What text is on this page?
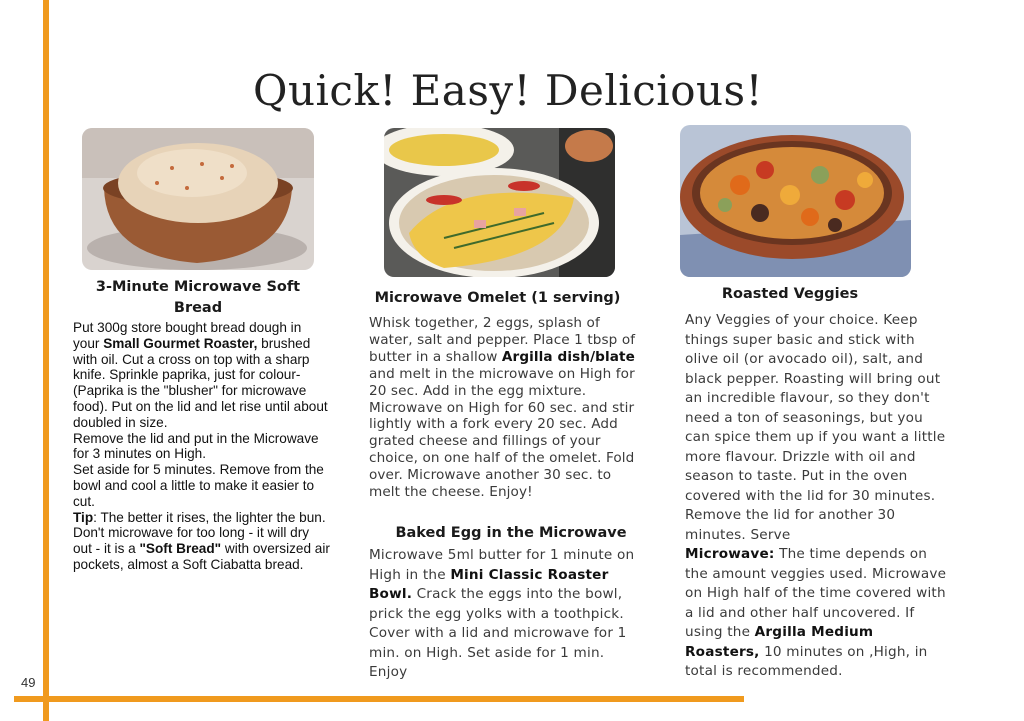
49
Quick! Easy! Delicious!
3-Minute Microwave Soft Bread

Put 300g store bought bread dough in your Small Gourmet Roaster, brushed with oil. Cut a cross on top with a sharp knife. Sprinkle paprika, just for colour- (Paprika is the "blusher" for microwave food). Put on the lid and let rise until about doubled in size.

Remove the lid and put in the Microwave for 3 minutes on High.

Set aside for 5 minutes. Remove from the bowl and cool a little to make it easier to cut.

Tip: The better it rises, the lighter the bun. Don't microwave for too long - it will dry out - it is a "Soft Bread" with oversized air pockets, almost a Soft Ciabatta bread.

Microwave Omelet (1 serving)

Whisk together, 2 eggs, splash of water, salt and pepper. Place 1 tbsp of butter in a shallow Argilla dish/blate and melt in the microwave on High for 20 sec. Add in the egg mixture. Microwave on High for 60 sec. and stir lightly with a fork every 20 sec. Add grated cheese and fillings of your choice, on one half of the omelet. Fold over. Microwave another 30 sec. to melt the cheese. Enjoy!

Baked Egg in the Microwave

Microwave 5ml butter for 1 minute on High in the Mini Classic Roaster Bowl. Crack the eggs into the bowl, prick the egg yolks with a toothpick. Cover with a lid and microwave for 1 min. on High. Set aside for 1 min. Enjoy

Roasted Veggies

Any Veggies of your choice. Keep things super basic and stick with olive oil (or avocado oil), salt, and black pepper. Roasting will bring out an incredible flavour, so they don't need a ton of seasonings, but you can spice them up if you want a little more flavour. Drizzle with oil and season to taste. Put in the oven covered with the lid for 30 minutes. Remove the lid for another 30 minutes. Serve

Microwave: The time depends on the amount veggies used. Microwave on High half of the time covered with a lid and other half uncovered. If using the Argilla Medium Roasters, 10 minutes on ,High, in total is recommended.
